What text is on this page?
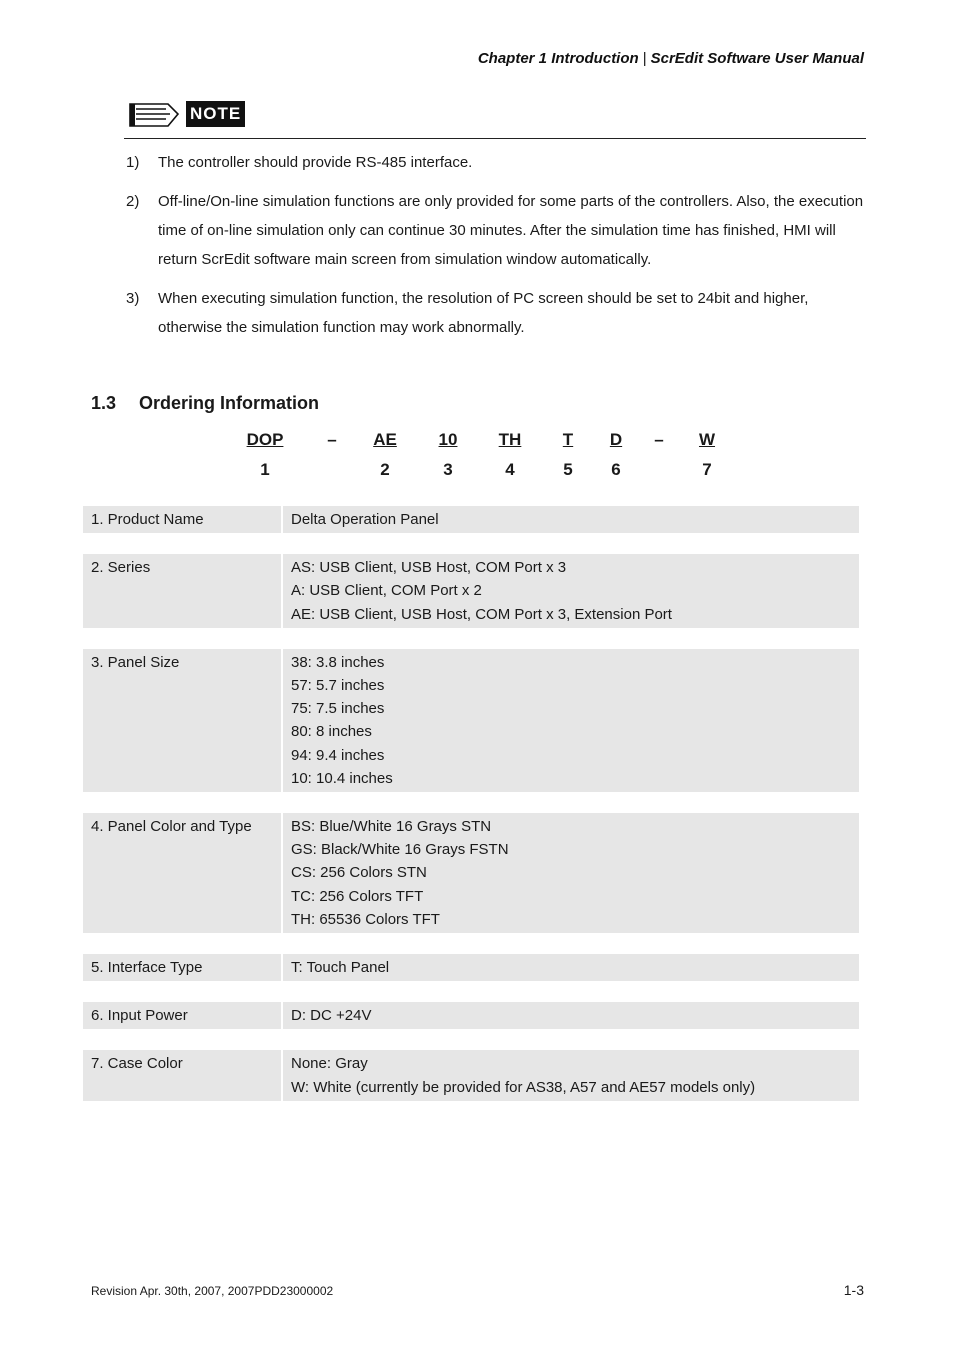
Chapter 1 Introduction | ScrEdit Software User Manual
NOTE
1) The controller should provide RS-485 interface.
2) Off-line/On-line simulation functions are only provided for some parts of the controllers. Also, the execution time of on-line simulation only can continue 30 minutes. After the simulation time has finished, HMI will return ScrEdit software main screen from simulation window automatically.
3) When executing simulation function, the resolution of PC screen should be set to 24bit and higher, otherwise the simulation function may work abnormally.
1.3 Ordering Information
DOP	– AE 10 TH T D – W
1	2	3	4	5 6	7
1. Product Name	Delta Operation Panel
2. Series	AS: USB Client, USB Host, COM Port x 3
A: USB Client, COM Port x 2
AE: USB Client, USB Host, COM Port x 3, Extension Port
3. Panel Size	38: 3.8 inches
57: 5.7 inches
75: 7.5 inches
80: 8 inches
94: 9.4 inches
10: 10.4 inches
4. Panel Color and Type	BS: Blue/White 16 Grays STN
GS: Black/White 16 Grays FSTN
CS: 256 Colors STN
TC: 256 Colors TFT
TH: 65536 Colors TFT
5. Interface Type	T: Touch Panel
6. Input Power	D: DC +24V
7. Case Color	None: Gray
W: White (currently be provided for AS38, A57 and AE57 models only)
Revision Apr. 30th, 2007, 2007PDD23000002	1-3
